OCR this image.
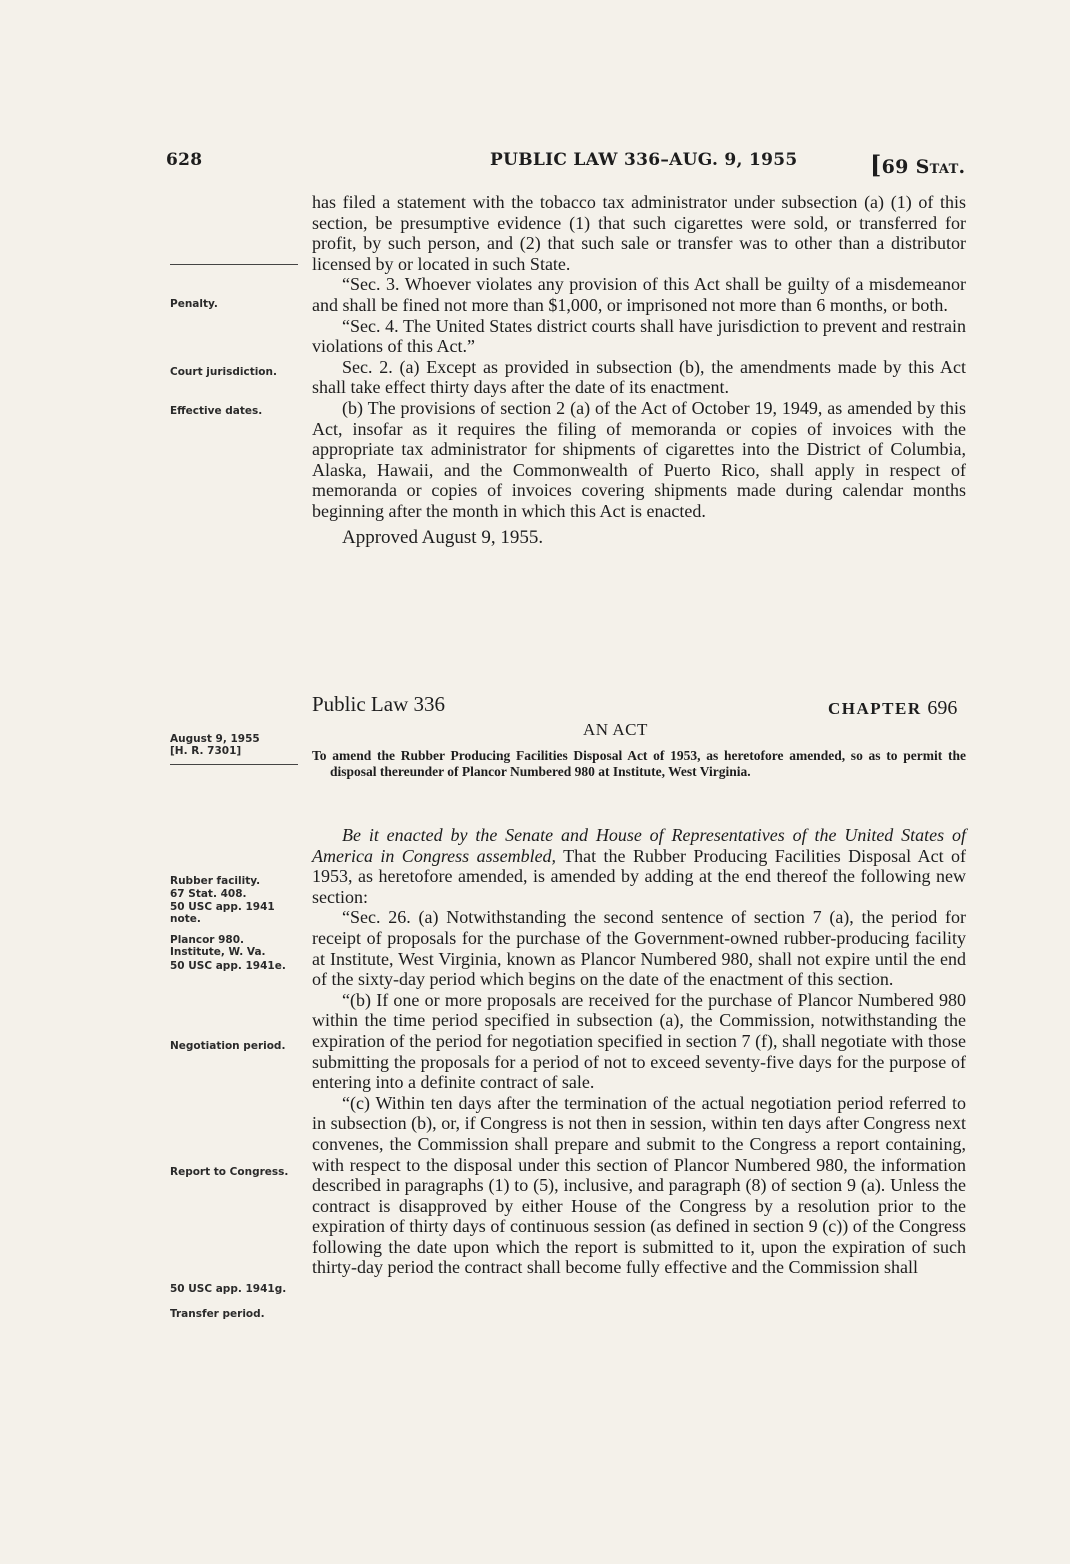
628	PUBLIC LAW 336–AUG. 9, 1955	[69 Stat.
Penalty.
Court jurisdiction.
Effective dates.
August 9, 1955
[H. R. 7301]
Rubber facility.
67 Stat. 408.
50 USC app. 1941 note.
Plancor 980. Institute, W. Va.
50 USC app. 1941e.
Negotiation period.
Report to Congress.
50 USC app. 1941g.
Transfer period.

has filed a statement with the tobacco tax administrator under subsection (a) (1) of this section, be presumptive evidence (1) that such cigarettes were sold, or transferred for profit, by such person, and (2) that such sale or transfer was to other than a distributor licensed by or located in such State.

“Sec. 3. Whoever violates any provision of this Act shall be guilty of a misdemeanor and shall be fined not more than $1,000, or imprisoned not more than 6 months, or both.

“Sec. 4. The United States district courts shall have jurisdiction to prevent and restrain violations of this Act.”

Sec. 2. (a) Except as provided in subsection (b), the amendments made by this Act shall take effect thirty days after the date of its enactment.

(b) The provisions of section 2 (a) of the Act of October 19, 1949, as amended by this Act, insofar as it requires the filing of memoranda or copies of invoices with the appropriate tax administrator for shipments of cigarettes into the District of Columbia, Alaska, Hawaii, and the Commonwealth of Puerto Rico, shall apply in respect of memoranda or copies of invoices covering shipments made during calendar months beginning after the month in which this Act is enacted.

Approved August 9, 1955.

Public Law 336	CHAPTER 696
AN ACT
To amend the Rubber Producing Facilities Disposal Act of 1953, as heretofore amended, so as to permit the disposal thereunder of Plancor Numbered 980 at Institute, West Virginia.

Be it enacted by the Senate and House of Representatives of the United States of America in Congress assembled, That the Rubber Producing Facilities Disposal Act of 1953, as heretofore amended, is amended by adding at the end thereof the following new section:

“Sec. 26. (a) Notwithstanding the second sentence of section 7 (a), the period for receipt of proposals for the purchase of the Government-owned rubber-producing facility at Institute, West Virginia, known as Plancor Numbered 980, shall not expire until the end of the sixty-day period which begins on the date of the enactment of this section.

“(b) If one or more proposals are received for the purchase of Plancor Numbered 980 within the time period specified in subsection (a), the Commission, notwithstanding the expiration of the period for negotiation specified in section 7 (f), shall negotiate with those submitting the proposals for a period of not to exceed seventy-five days for the purpose of entering into a definite contract of sale.

“(c) Within ten days after the termination of the actual negotiation period referred to in subsection (b), or, if Congress is not then in session, within ten days after Congress next convenes, the Commission shall prepare and submit to the Congress a report containing, with respect to the disposal under this section of Plancor Numbered 980, the information described in paragraphs (1) to (5), inclusive, and paragraph (8) of section 9 (a). Unless the contract is disapproved by either House of the Congress by a resolution prior to the expiration of thirty days of continuous session (as defined in section 9 (c)) of the Congress following the date upon which the report is submitted to it, upon the expiration of such thirty-day period the contract shall become fully effective and the Commission shall
